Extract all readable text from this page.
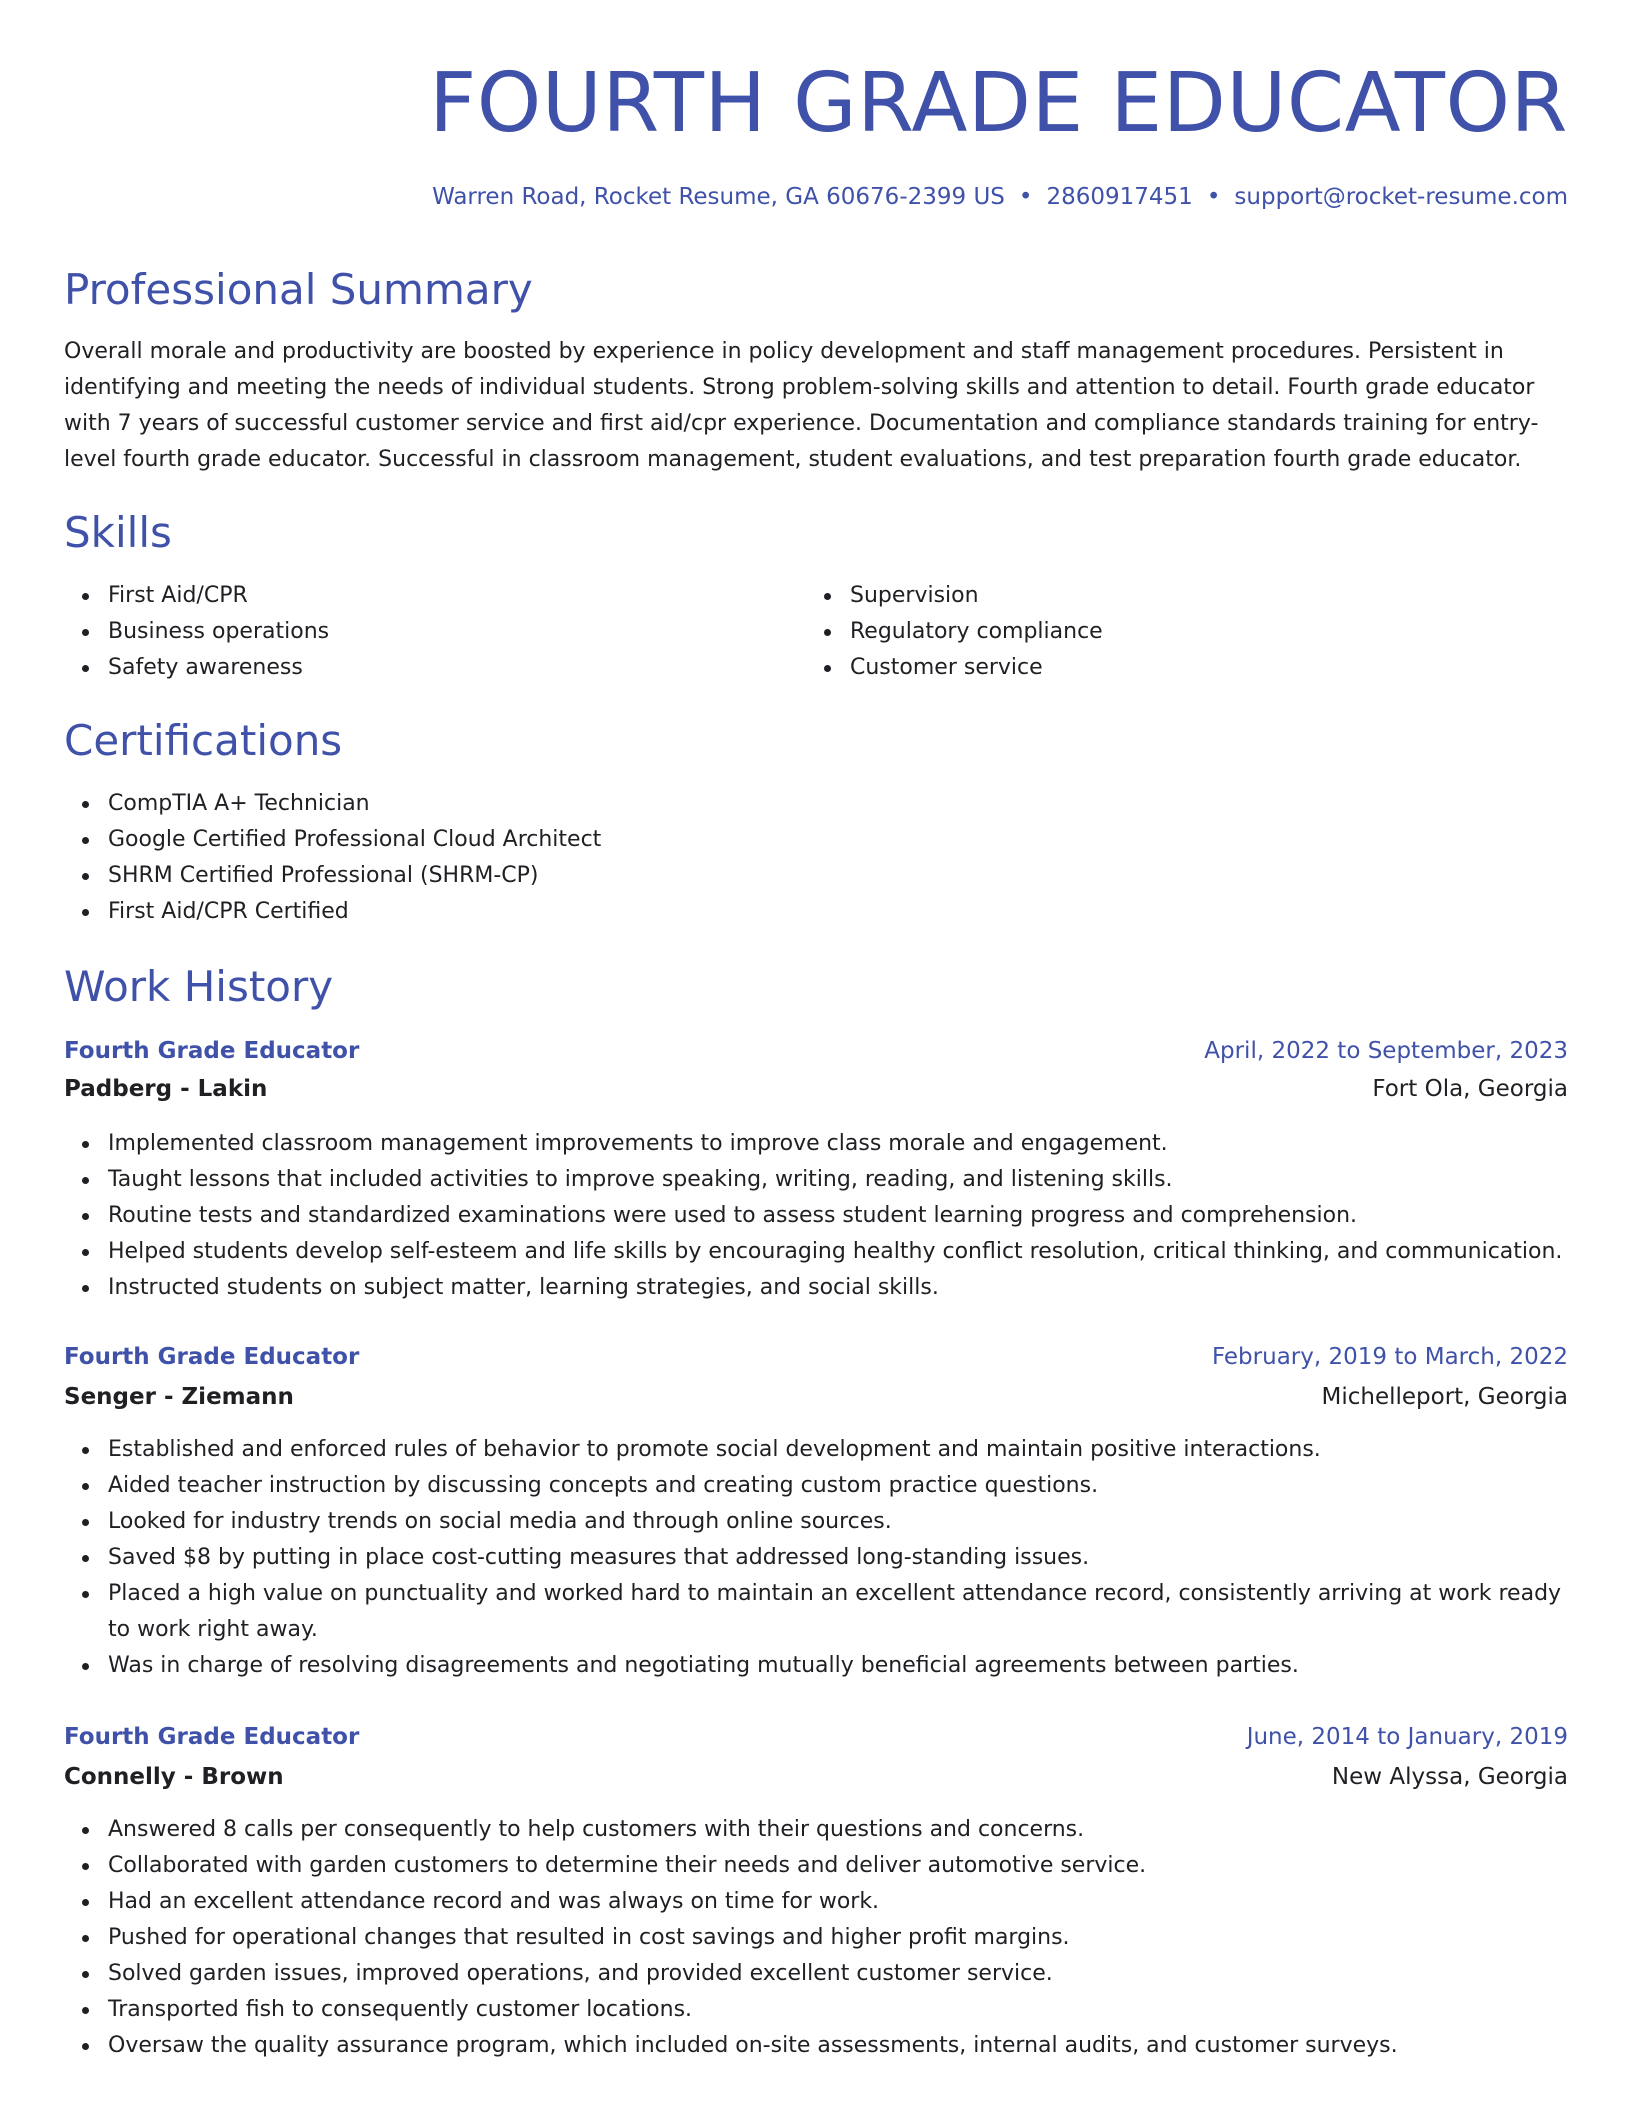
FOURTH GRADE EDUCATOR
Warren Road, Rocket Resume, GA 60676-2399 US • 2860917451 • support@rocket-resume.com
Professional Summary

Overall morale and productivity are boosted by experience in policy development and staff management procedures. Persistent in identifying and meeting the needs of individual students. Strong problem-solving skills and attention to detail. Fourth grade educator with 7 years of successful customer service and first aid/cpr experience. Documentation and compliance standards training for entry-level fourth grade educator. Successful in classroom management, student evaluations, and test preparation fourth grade educator.

Skills
First Aid/CPR
Business operations
Safety awareness
Supervision
Regulatory compliance
Customer service
Certifications
CompTIA A+ Technician
Google Certified Professional Cloud Architect
SHRM Certified Professional (SHRM-CP)
First Aid/CPR Certified
Work History
Fourth Grade Educator	April, 2022 to September, 2023
Padberg - Lakin	Fort Ola, Georgia
Implemented classroom management improvements to improve class morale and engagement.
Taught lessons that included activities to improve speaking, writing, reading, and listening skills.
Routine tests and standardized examinations were used to assess student learning progress and comprehension.
Helped students develop self-esteem and life skills by encouraging healthy conflict resolution, critical thinking, and communication.
Instructed students on subject matter, learning strategies, and social skills.
Fourth Grade Educator	February, 2019 to March, 2022
Senger - Ziemann	Michelleport, Georgia
Established and enforced rules of behavior to promote social development and maintain positive interactions.
Aided teacher instruction by discussing concepts and creating custom practice questions.
Looked for industry trends on social media and through online sources.
Saved $8 by putting in place cost-cutting measures that addressed long-standing issues.
Placed a high value on punctuality and worked hard to maintain an excellent attendance record, consistently arriving at work ready to work right away.
Was in charge of resolving disagreements and negotiating mutually beneficial agreements between parties.
Fourth Grade Educator	June, 2014 to January, 2019
Connelly - Brown	New Alyssa, Georgia
Answered 8 calls per consequently to help customers with their questions and concerns.
Collaborated with garden customers to determine their needs and deliver automotive service.
Had an excellent attendance record and was always on time for work.
Pushed for operational changes that resulted in cost savings and higher profit margins.
Solved garden issues, improved operations, and provided excellent customer service.
Transported fish to consequently customer locations.
Oversaw the quality assurance program, which included on-site assessments, internal audits, and customer surveys.
